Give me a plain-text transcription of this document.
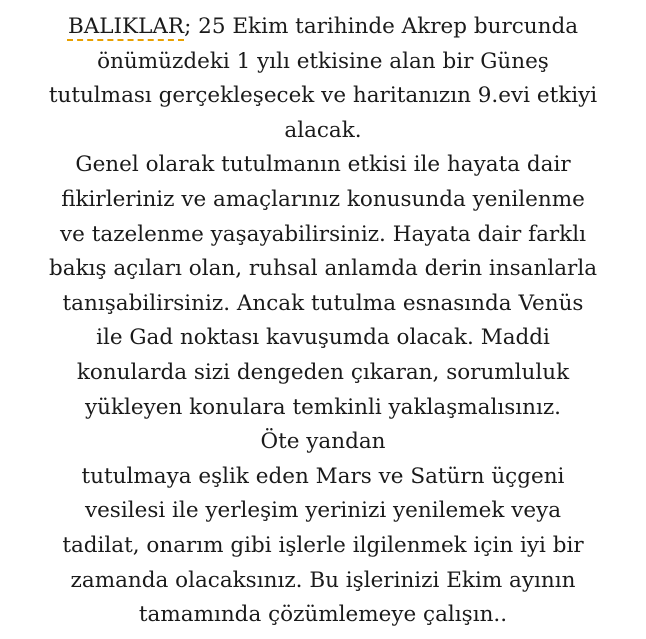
BALIKLAR; 25 Ekim tarihinde Akrep burcunda
önümüzdeki 1 yılı etkisine alan bir Güneş
tutulması gerçekleşecek ve haritanızın 9.evi etkiyi
alacak.
Genel olarak tutulmanın etkisi ile hayata dair
fikirleriniz ve amaçlarınız konusunda yenilenme
ve tazelenme yaşayabilirsiniz. Hayata dair farklı
bakış açıları olan, ruhsal anlamda derin insanlarla
tanışabilirsiniz. Ancak tutulma esnasında Venüs
ile Gad noktası kavuşumda olacak. Maddi
konularda sizi dengeden çıkaran, sorumluluk
yükleyen konulara temkinli yaklaşmalısınız.
Öte yandan
tutulmaya eşlik eden Mars ve Satürn üçgeni
vesilesi ile yerleşim yerinizi yenilemek veya
tadilat, onarım gibi işlerle ilgilenmek için iyi bir
zamanda olacaksınız. Bu işlerinizi Ekim ayının
tamamında çözümlemeye çalışın..
